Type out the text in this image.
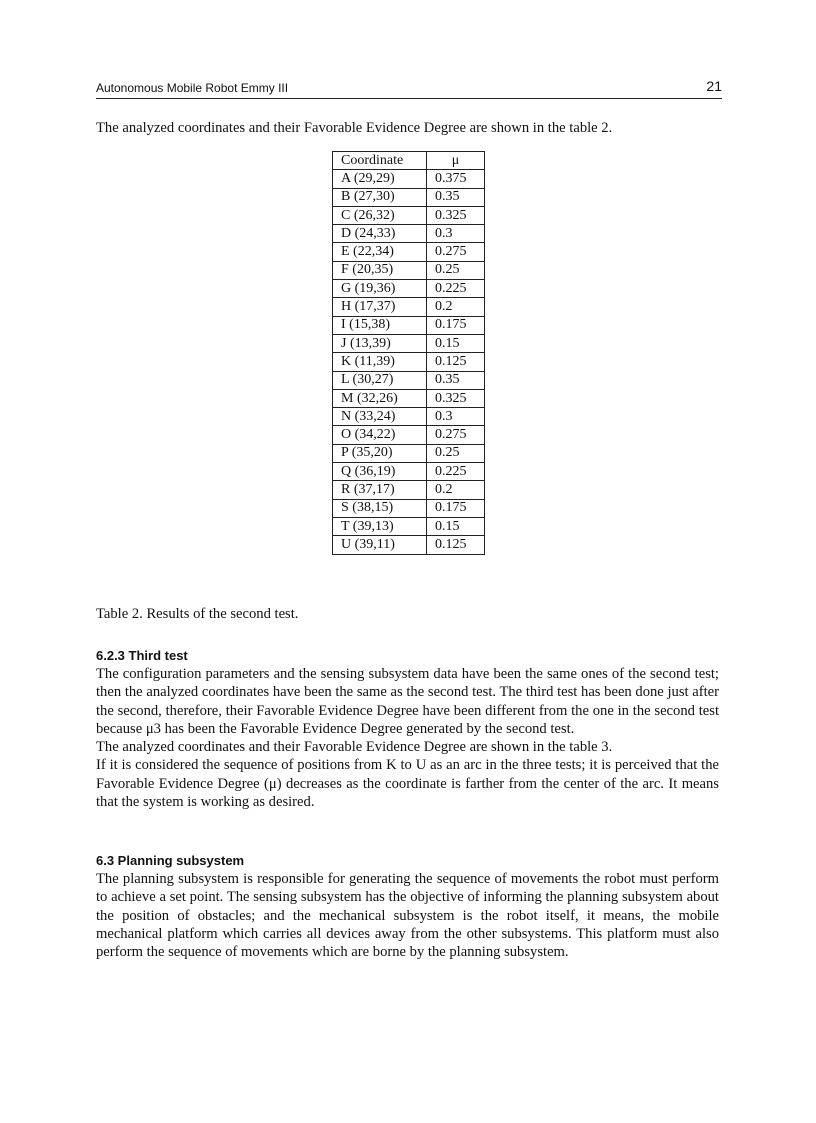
Autonomous Mobile Robot Emmy III	21
The analyzed coordinates and their Favorable Evidence Degree are shown in the table 2.
Coordinate	μ
A (29,29)	0.375
B (27,30)	0.35
C (26,32)	0.325
D (24,33)	0.3
E (22,34)	0.275
F (20,35)	0.25
G (19,36)	0.225
H (17,37)	0.2
I (15,38)	0.175
J (13,39)	0.15
K (11,39)	0.125
L (30,27)	0.35
M (32,26)	0.325
N (33,24)	0.3
O (34,22)	0.275
P (35,20)	0.25
Q (36,19)	0.225
R (37,17)	0.2
S (38,15)	0.175
T (39,13)	0.15
U (39,11)	0.125
Table 2. Results of the second test.
6.2.3 Third test

The configuration parameters and the sensing subsystem data have been the same ones of the second test; then the analyzed coordinates have been the same as the second test. The third test has been done just after the second, therefore, their Favorable Evidence Degree have been different from the one in the second test because μ3 has been the Favorable Evidence Degree generated by the second test.

The analyzed coordinates and their Favorable Evidence Degree are shown in the table 3.

If it is considered the sequence of positions from K to U as an arc in the three tests; it is perceived that the Favorable Evidence Degree (μ) decreases as the coordinate is farther from the center of the arc. It means that the system is working as desired.

6.3 Planning subsystem

The planning subsystem is responsible for generating the sequence of movements the robot must perform to achieve a set point. The sensing subsystem has the objective of informing the planning subsystem about the position of obstacles; and the mechanical subsystem is the robot itself, it means, the mobile mechanical platform which carries all devices away from the other subsystems. This platform must also perform the sequence of movements which are borne by the planning subsystem.
